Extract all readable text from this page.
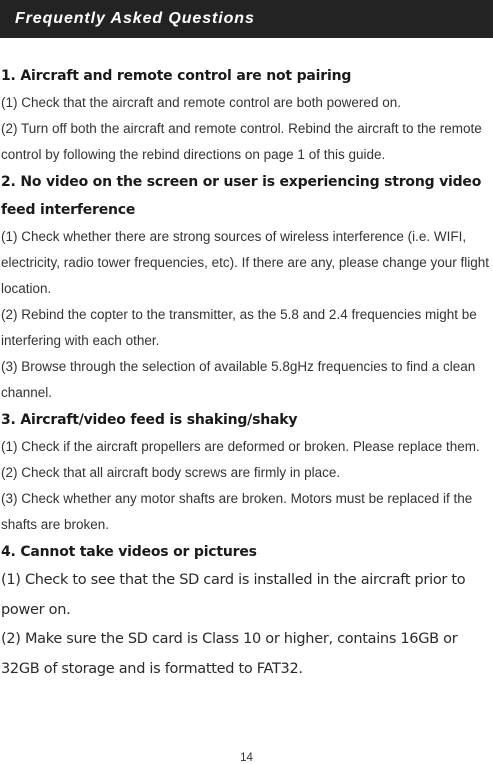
Frequently Asked Questions
1. Aircraft and remote control are not pairing
(1) Check that the aircraft and remote control are both powered on.
(2) Turn off both the aircraft and remote control. Rebind the aircraft to the remote control by following the rebind directions on page 1 of this guide.
2. No video on the screen or user is experiencing strong video feed interference
(1) Check whether there are strong sources of wireless interference (i.e. WIFI, electricity, radio tower frequencies, etc). If there are any, please change your flight location.
(2) Rebind the copter to the transmitter, as the 5.8 and 2.4 frequencies might be interfering with each other.
(3) Browse through the selection of available 5.8gHz frequencies to find a clean channel.
3. Aircraft/video feed is shaking/shaky
(1) Check if the aircraft propellers are deformed or broken. Please replace them.
(2) Check that all aircraft body screws are firmly in place.
(3) Check whether any motor shafts are broken. Motors must be replaced if the shafts are broken.
4. Cannot take videos or pictures
(1) Check to see that the SD card is installed in the aircraft prior to power on.
(2) Make sure the SD card is Class 10 or higher, contains 16GB or 32GB of storage and is formatted to FAT32.
14
